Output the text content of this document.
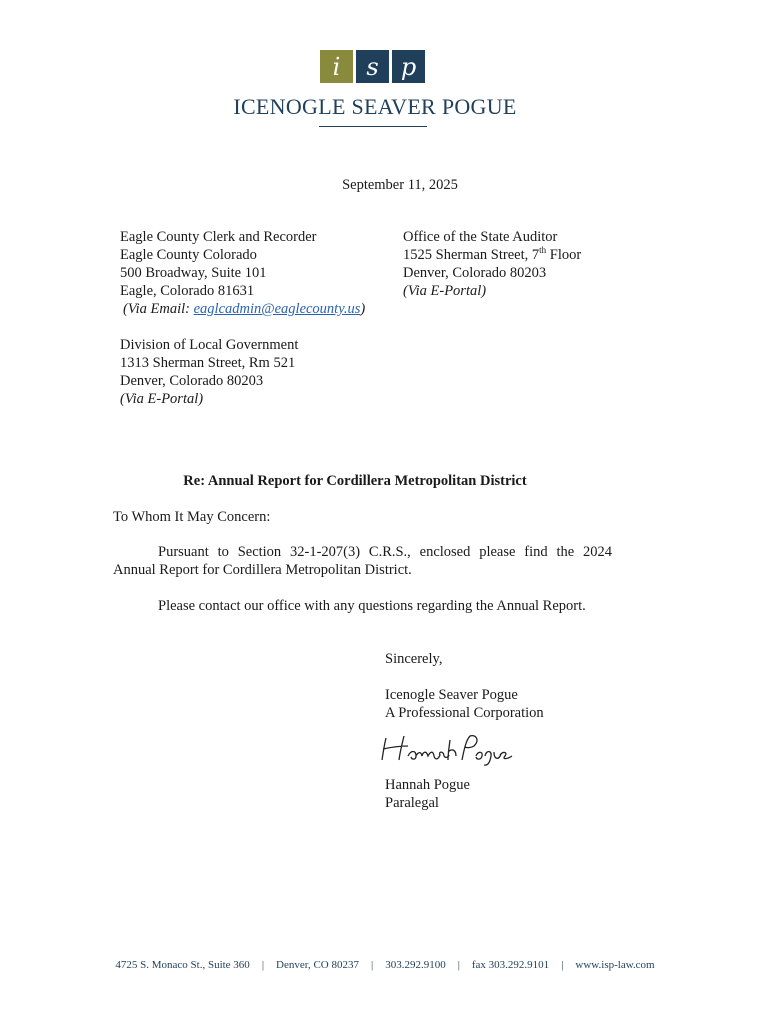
i	s p
ICENOGLE SEAVER POGUE
September 11, 2025
Eagle County Clerk and Recorder
Eagle County Colorado
500 Broadway, Suite 101
Eagle, Colorado 81631
(Via Email: eaglcadmin@eaglecounty.us)
Office of the State Auditor
1525 Sherman Street, 7th Floor
Denver, Colorado 80203
(Via E-Portal)
Division of Local Government
1313 Sherman Street, Rm 521
Denver, Colorado 80203
(Via E-Portal)
Re: Annual Report for Cordillera Metropolitan District
To Whom It May Concern:
Pursuant to Section 32-1-207(3) C.R.S., enclosed please find the 2024
Annual Report for Cordillera Metropolitan District.
Please contact our office with any questions regarding the Annual Report.
Sincerely,
Icenogle Seaver Pogue
A Professional Corporation
Hannah Pogue
Paralegal
4725 S. Monaco St., Suite 360 | Denver, CO 80237 | 303.292.9100 | fax 303.292.9101 | www.isp-law.com
